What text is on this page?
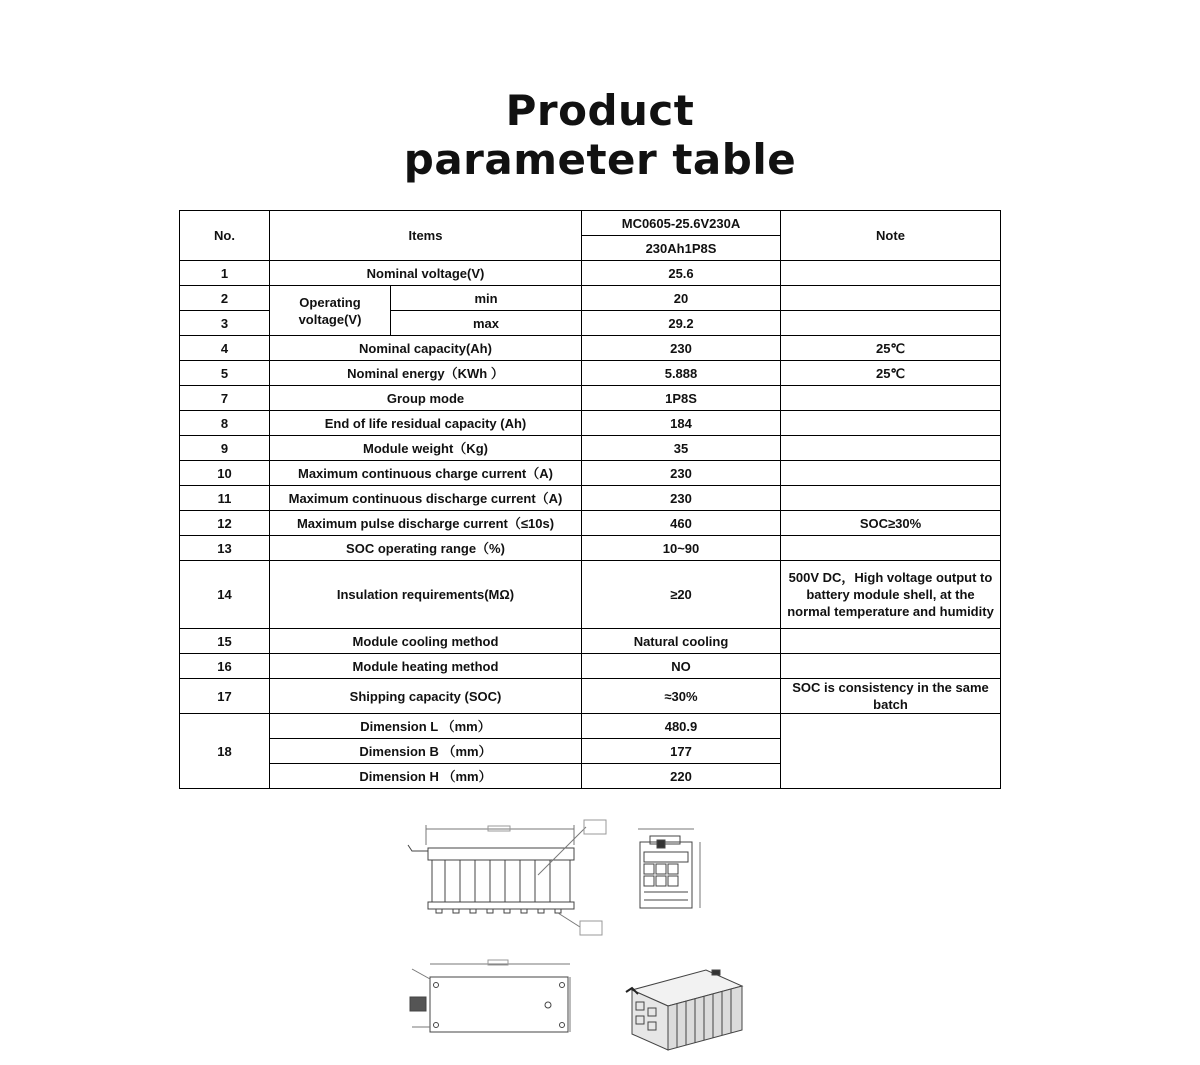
Product
parameter table
No.	Items		MC0605-25.6V230A	Note
			230Ah1P8S	
1	Nominal voltage(V)		25.6	
2	Operating voltage(V)	min	20	
3		max	29.2	
4	Nominal capacity(Ah)		230	25℃
5	Nominal energy（KWh ）		5.888	25℃
7	Group mode		1P8S	
8	End of life residual capacity (Ah)		184	
9	Module weight（Kg)		35	
10	Maximum continuous charge current（A)		230	
11	Maximum continuous discharge current（A)		230	
12	Maximum pulse discharge current（≤10s)		460	SOC≥30%
13	SOC operating range（%)		10~90	
14	Insulation requirements(MΩ)		≥20	500V DC，High voltage output to battery module shell, at the normal temperature and humidity
15	Module cooling method		Natural cooling	
16	Module heating method		NO	
17	Shipping capacity (SOC)		≈30%	SOC is consistency in the same batch
18	Dimension L （mm）		480.9	
	Dimension B （mm）		177	
	Dimension H （mm）		220	
